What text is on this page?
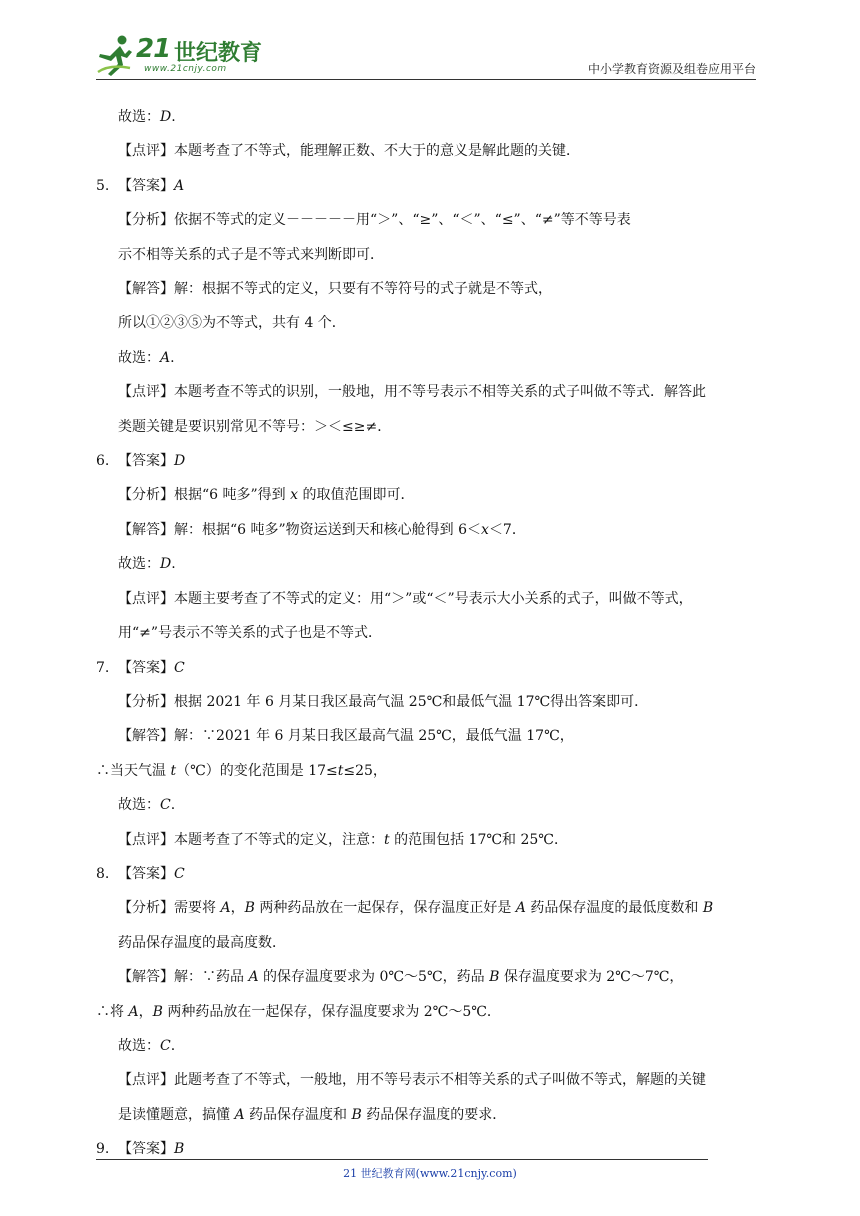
21 世纪教育
www.21cnjy.com	中小学教育资源及组卷应用平台

故选：D.

【点评】本题考查了不等式，能理解正数、不大于的意义是解此题的关键．

5. 【答案】A

【分析】依据不等式的定义－－－－－用“＞”、“≥”、“＜”、“≤”、“≠”等不等号表

示不相等关系的式子是不等式来判断即可．

【解答】解：根据不等式的定义，只要有不等符号的式子就是不等式，

所以①②③⑤为不等式，共有 4 个．

故选：A.

【点评】本题考查不等式的识别，一般地，用不等号表示不相等关系的式子叫做不等式．解答此

类题关键是要识别常见不等号：＞＜≤≥≠．

6. 【答案】D

【分析】根据“6 吨多”得到 x 的取值范围即可．

【解答】解：根据“6 吨多”物资运送到天和核心舱得到 6＜x＜7．

故选：D.

【点评】本题主要考查了不等式的定义：用“＞”或“＜”号表示大小关系的式子，叫做不等式，

用“≠”号表示不等关系的式子也是不等式．

7. 【答案】C

【分析】根据 2021 年 6 月某日我区最高气温 25℃和最低气温 17℃得出答案即可．

【解答】解：∵2021 年 6 月某日我区最高气温 25℃，最低气温 17℃，

∴当天气温 t（℃）的变化范围是 17≤t≤25，

故选：C.

【点评】本题考查了不等式的定义，注意：t 的范围包括 17℃和 25℃．

8. 【答案】C

【分析】需要将 A，B 两种药品放在一起保存，保存温度正好是 A 药品保存温度的最低度数和 B

药品保存温度的最高度数．

【解答】解：∵药品 A 的保存温度要求为 0℃～5℃，药品 B 保存温度要求为 2℃～7℃，

∴将 A，B 两种药品放在一起保存，保存温度要求为 2℃～5℃．

故选：C.

【点评】此题考查了不等式，一般地，用不等号表示不相等关系的式子叫做不等式，解题的关键

是读懂题意，搞懂 A 药品保存温度和 B 药品保存温度的要求．

9. 【答案】B

21 世纪教育网(www.21cnjy.com)
